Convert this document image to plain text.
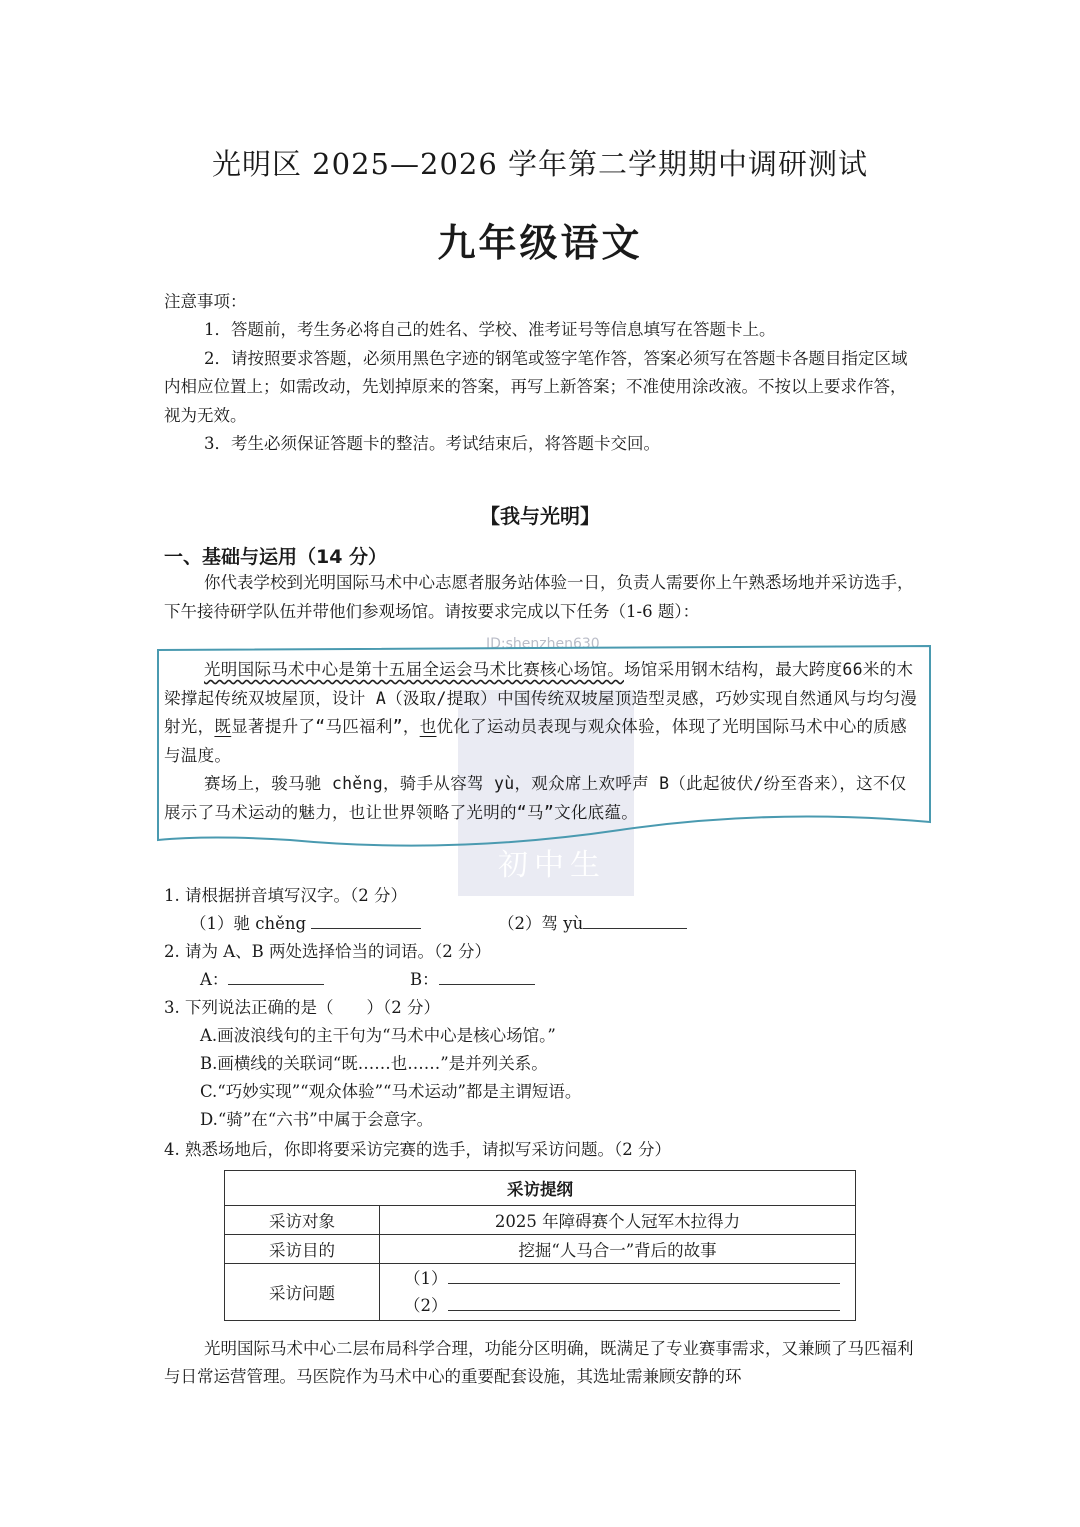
光明区 2025—2026 学年第二学期期中调研测试
九年级语文
注意事项：
1．答题前，考生务必将自己的姓名、学校、准考证号等信息填写在答题卡上。
2．请按照要求答题，必须用黑色字迹的钢笔或签字笔作答，答案必须写在答题卡各题目指定区域内相应位置上；如需改动，先划掉原来的答案，再写上新答案；不准使用涂改液。不按以上要求作答，视为无效。
3．考生必须保证答题卡的整洁。考试结束后，将答题卡交回。
【我与光明】
一、基础与运用（14 分）
你代表学校到光明国际马术中心志愿者服务站体验一日，负责人需要你上午熟悉场地并采访选手，下午接待研学队伍并带他们参观场馆。请按要求完成以下任务（1-6 题）：
初中生
ID:shenzhen630
光明国际马术中心是第十五届全运会马术比赛核心场馆。场馆采用钢木结构，最大跨度66米的木梁撑起传统双坡屋顶，设计 A（汲取/提取）中国传统双坡屋顶造型灵感，巧妙实现自然通风与均匀漫射光，既显著提升了“马匹福利”，也优化了运动员表现与观众体验，体现了光明国际马术中心的质感与温度。
赛场上，骏马驰 chěng，骑手从容驾 yù，观众席上欢呼声 B（此起彼伏/纷至沓来），这不仅展示了马术运动的魅力，也让世界领略了光明的“马”文化底蕴。
1. 请根据拼音填写汉字。（2 分）
（1）驰 chěng	（2）驾 yù
2. 请为 A、B 两处选择恰当的词语。（2 分）
A：	B：
3. 下列说法正确的是（　　）（2 分）
A.画波浪线句的主干句为“马术中心是核心场馆。”
B.画横线的关联词“既……也……”是并列关系。
C.“巧妙实现”“观众体验”“马术运动”都是主谓短语。
D.“骑”在“六书”中属于会意字。
4. 熟悉场地后，你即将要采访完赛的选手，请拟写采访问题。（2 分）
采访提纲	
采访对象	2025 年障碍赛个人冠军木拉得力
采访目的	挖掘“人马合一”背后的故事
采访问题	（1）
（2）
光明国际马术中心二层布局科学合理，功能分区明确，既满足了专业赛事需求，又兼顾了马匹福利与日常运营管理。马医院作为马术中心的重要配套设施，其选址需兼顾安静的环
